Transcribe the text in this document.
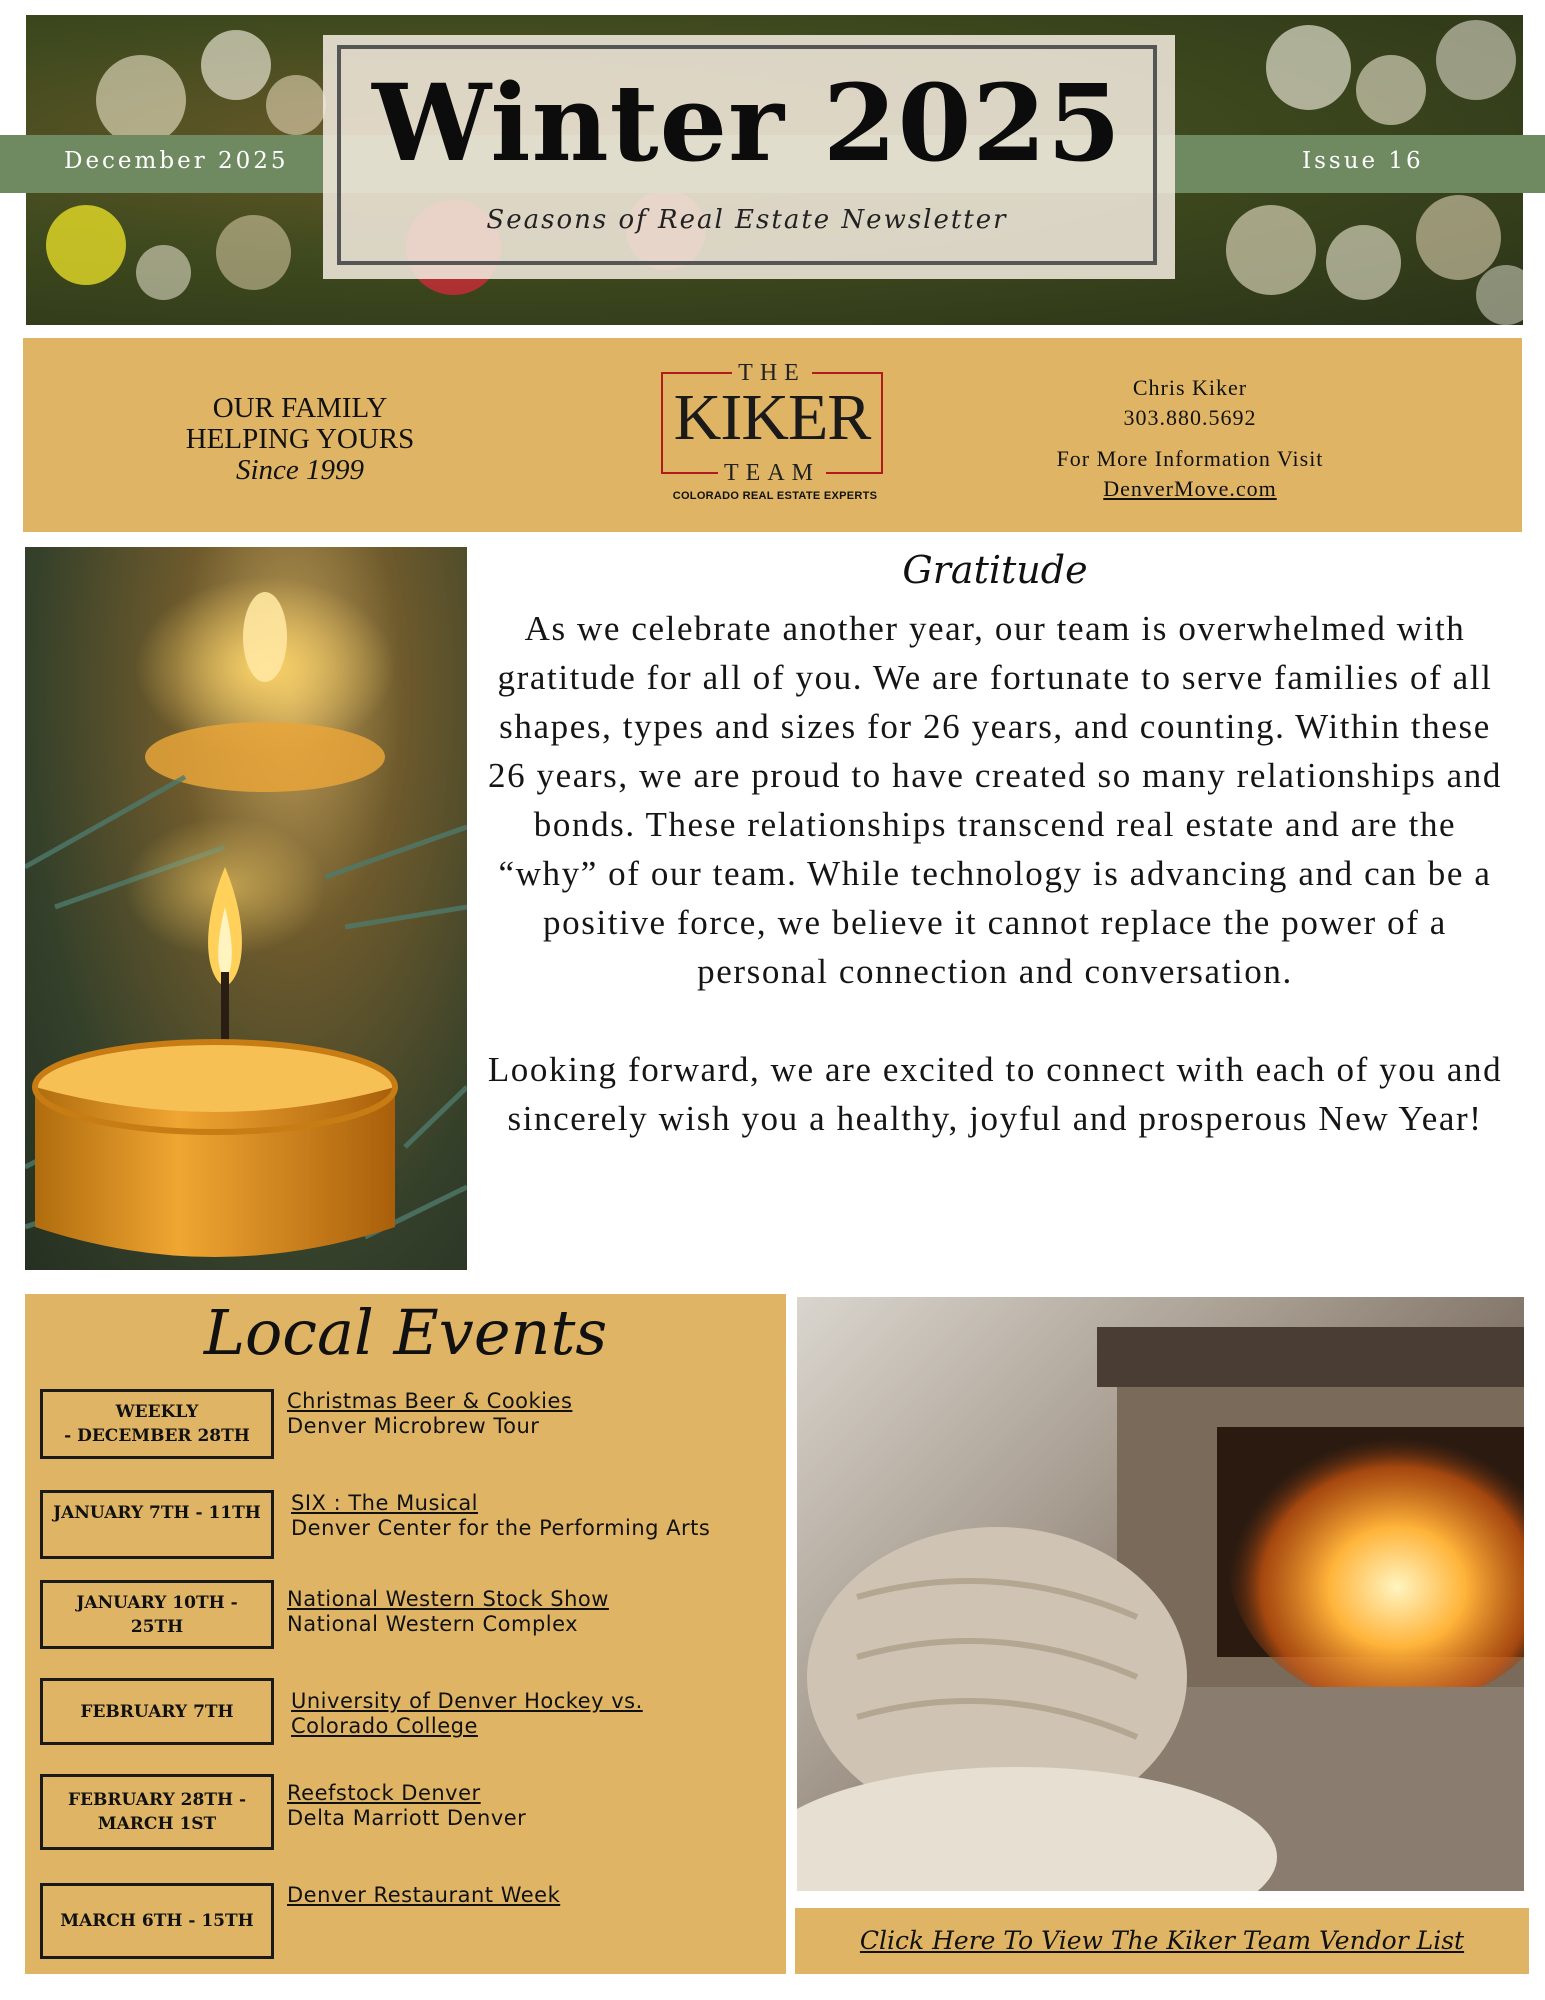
December 2025	Issue 16
Winter 2025
Seasons of Real Estate Newsletter
OUR FAMILY
HELPING YOURS
Since 1999
THE
KIKER
TEAM
COLORADO REAL ESTATE EXPERTS
Chris Kiker
303.880.5692
For More Information Visit
DenverMove.com
Gratitude

As we celebrate another year, our team is overwhelmed with gratitude for all of you. We are fortunate to serve families of all shapes, types and sizes for 26 years, and counting. Within these 26 years, we are proud to have created so many relationships and bonds. These relationships transcend real estate and are the “why” of our team. While technology is advancing and can be a positive force, we believe it cannot replace the power of a personal connection and conversation.

Looking forward, we are excited to connect with each of you and sincerely wish you a healthy, joyful and prosperous New Year!

Local Events
WEEKLY
- DECEMBER 28TH
Christmas Beer & Cookies
Denver Microbrew Tour
JANUARY 7TH - 11TH SIX : The Musical
Denver Center for the Performing Arts
JANUARY 10TH -
25TH
National Western Stock Show
National Western Complex
FEBRUARY 7TH	University of Denver Hockey vs.
Colorado College
FEBRUARY 28TH -
MARCH 1ST
Reefstock Denver
Delta Marriott Denver
MARCH 6TH - 15TH
Denver Restaurant Week
Click Here To View The Kiker Team Vendor List
